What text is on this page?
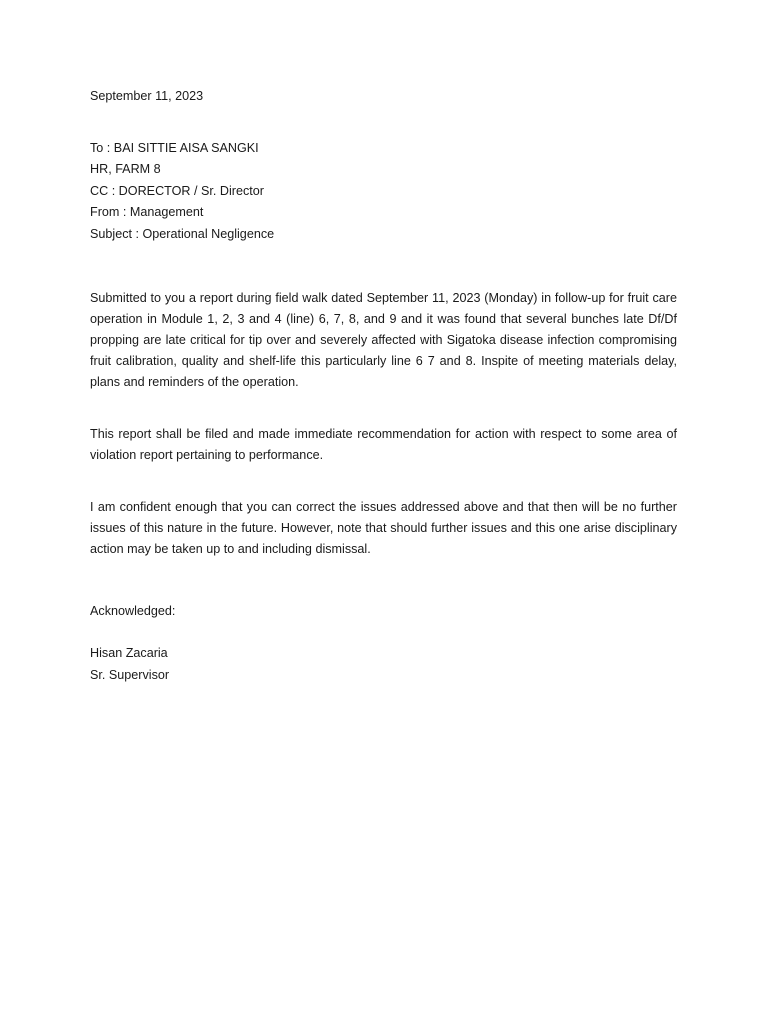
September 11, 2023
To : BAI SITTIE AISA SANGKI
HR, FARM 8
CC : DORECTOR / Sr. Director
From : Management
Subject : Operational Negligence

Submitted to you a report during field walk dated September 11, 2023 (Monday) in follow-up for fruit care operation in Module 1, 2, 3 and 4 (line) 6, 7, 8, and 9 and it was found that several bunches late Df/Df propping are late critical for tip over and severely affected with Sigatoka disease infection compromising fruit calibration, quality and shelf-life this particularly line 6 7 and 8. Inspite of meeting materials delay, plans and reminders of the operation.

This report shall be filed and made immediate recommendation for action with respect to some area of violation report pertaining to performance.

I am confident enough that you can correct the issues addressed above and that then will be no further issues of this nature in the future. However, note that should further issues and this one arise disciplinary action may be taken up to and including dismissal.

Acknowledged:
Hisan Zacaria
Sr. Supervisor
